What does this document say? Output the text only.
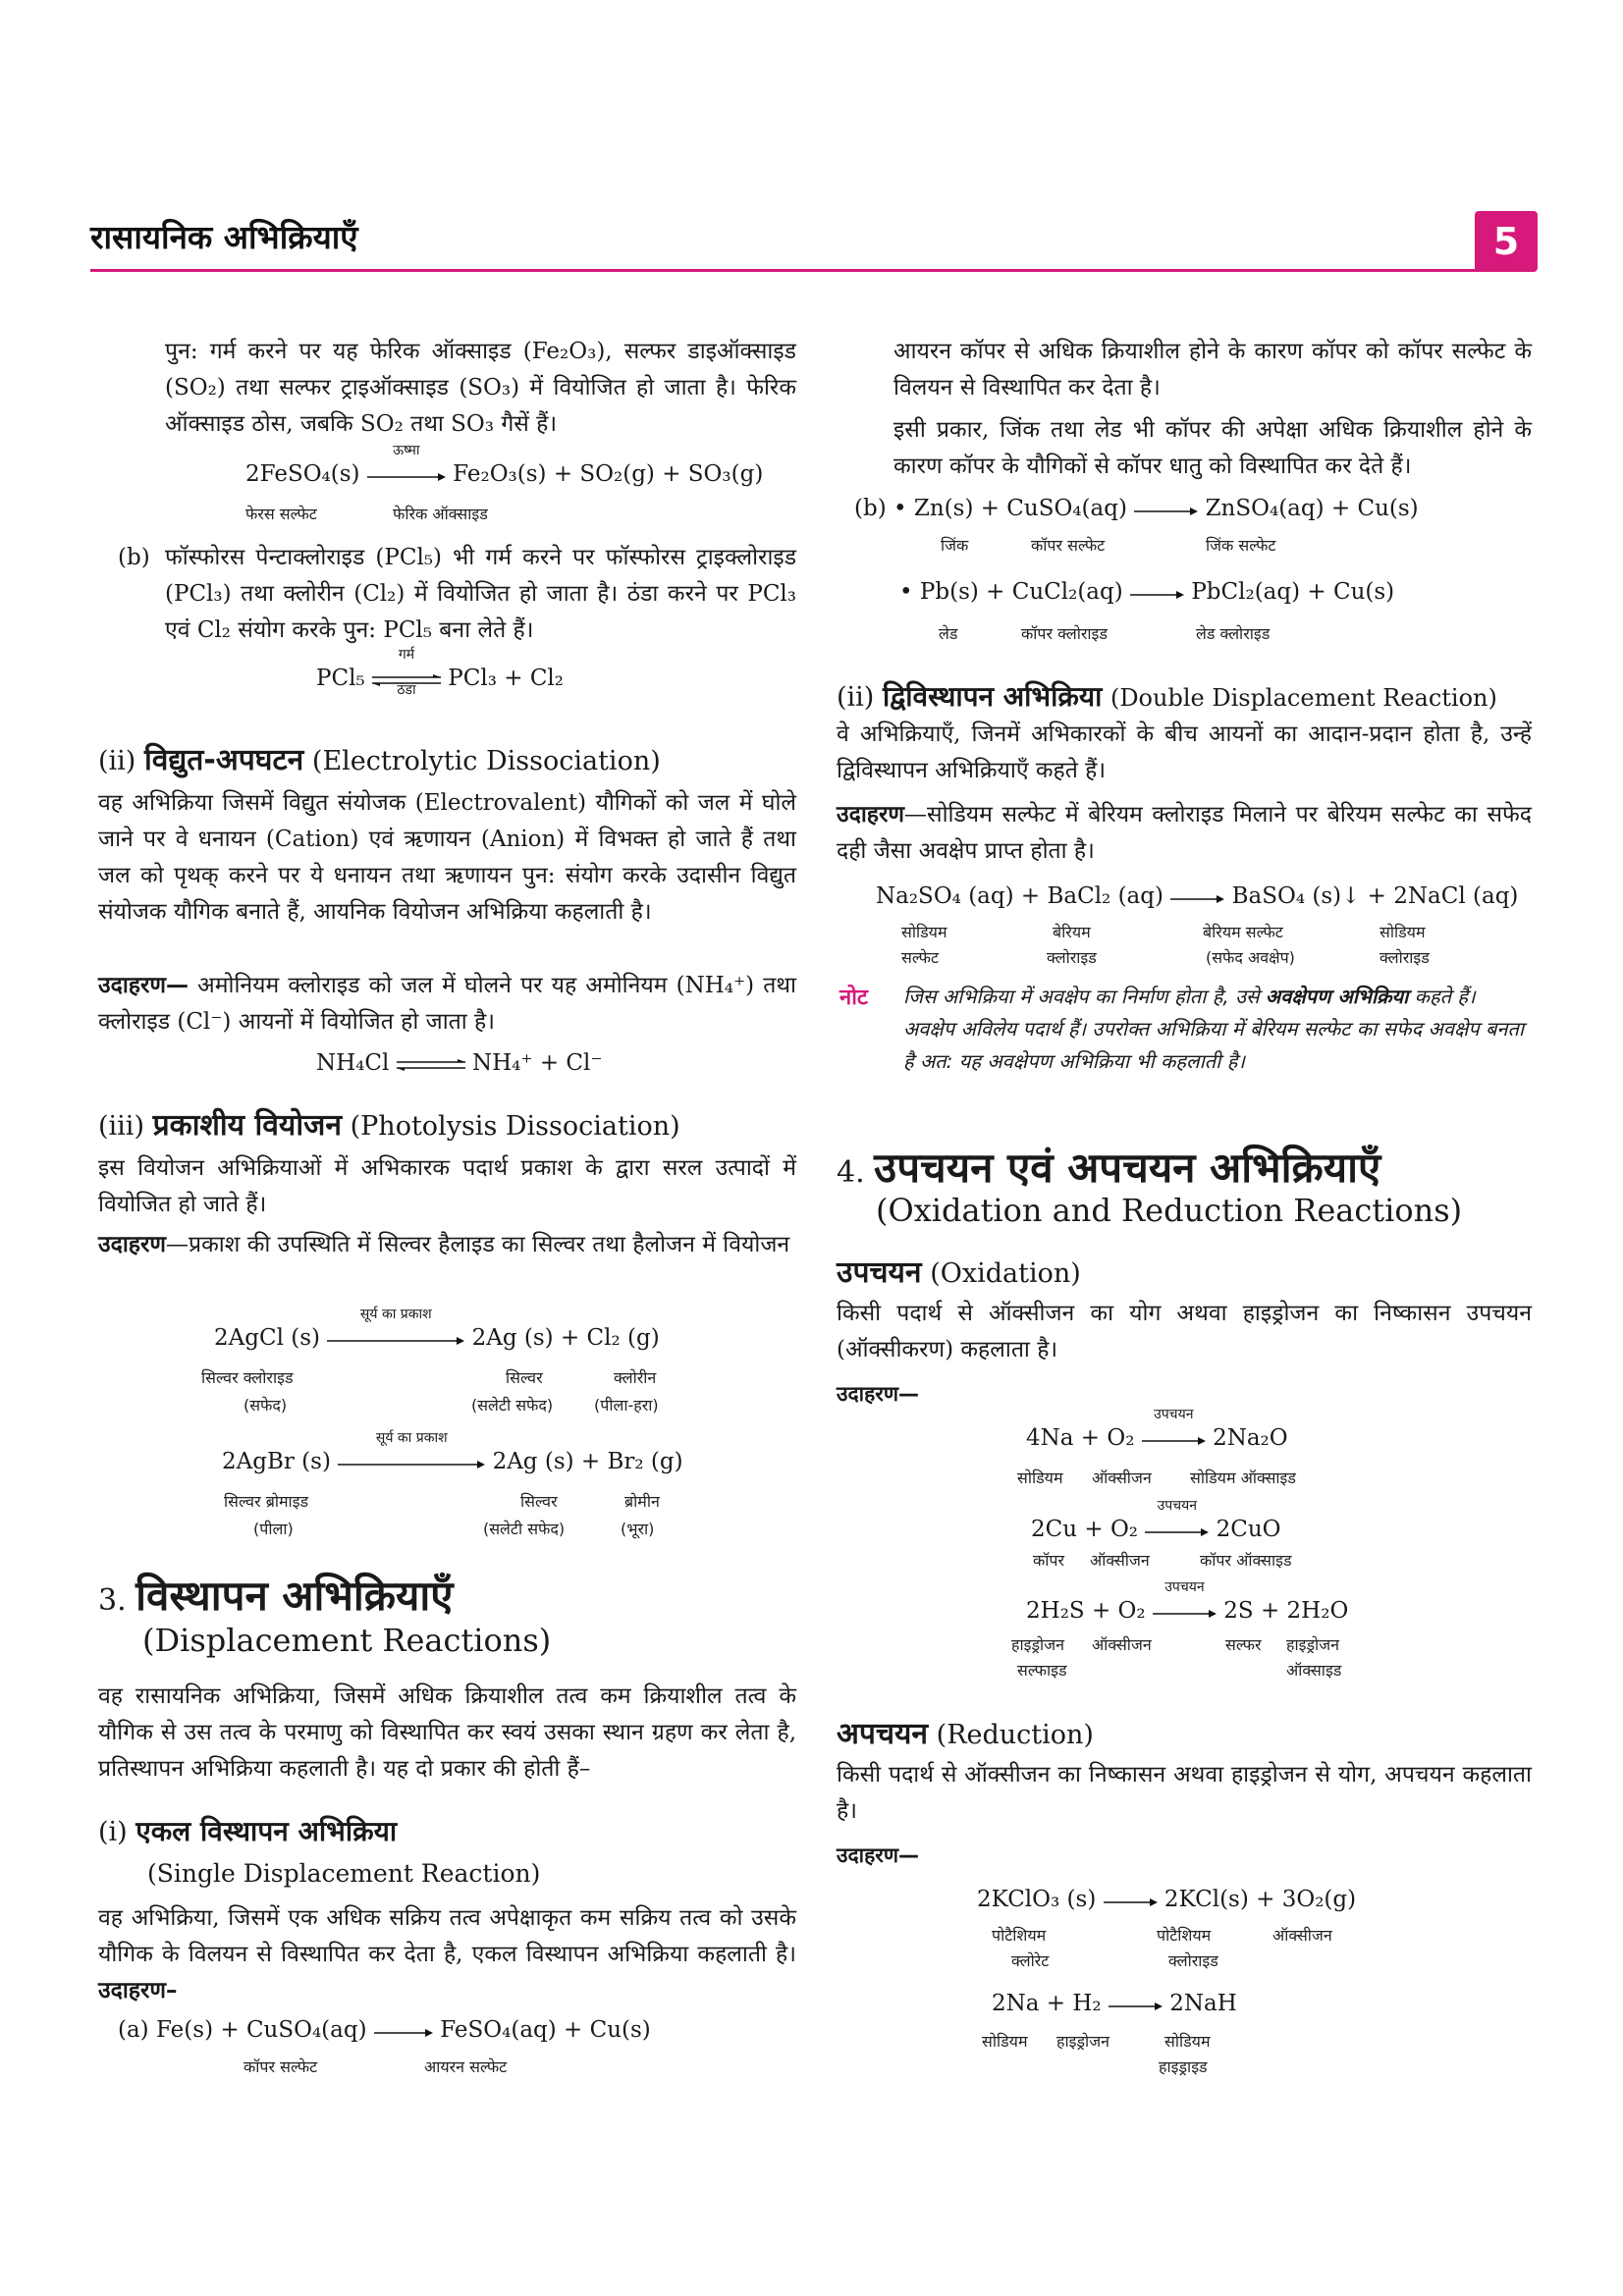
रासायनिक अभिक्रियाएँ	5
पुन: गर्म करने पर यह फेरिक ऑक्साइड (Fe₂O₃), सल्फर डाइऑक्साइड (SO₂) तथा सल्फर ट्राइऑक्साइड (SO₃) में वियोजित हो जाता है। फेरिक ऑक्साइड ठोस, जबकि SO₂ तथा SO₃ गैसें हैं।
2FeSO₄(s)
ऊष्मा
Fe₂O₃(s) + SO₂(g) + SO₃(g)
फेरस सल्फेट	फेरिक ऑक्साइड
(b) फॉस्फोरस पेन्टाक्लोराइड (PCl₅) भी गर्म करने पर फॉस्फोरस ट्राइक्लोराइड (PCl₃) तथा क्लोरीन (Cl₂) में वियोजित हो जाता है। ठंडा करने पर PCl₃ एवं Cl₂ संयोग करके पुन: PCl₅ बना लेते हैं।
PCl₅
गर्म
ठंडा	PCl₃ + Cl₂
(ii) विद्युत-अपघटन (Electrolytic Dissociation)
वह अभिक्रिया जिसमें विद्युत संयोजक (Electrovalent) यौगिकों को जल में घोले जाने पर वे धनायन (Cation) एवं ऋणायन (Anion) में विभक्त हो जाते हैं तथा जल को पृथक् करने पर ये धनायन तथा ऋणायन पुन: संयोग करके उदासीन विद्युत संयोजक यौगिक बनाते हैं, आयनिक वियोजन अभिक्रिया कहलाती है।
उदाहरण— अमोनियम क्लोराइड को जल में घोलने पर यह अमोनियम (NH₄⁺) तथा क्लोराइड (Cl⁻) आयनों में वियोजित हो जाता है।
NH₄Cl ⇌ NH₄⁺ + Cl⁻
(iii) प्रकाशीय वियोजन (Photolysis Dissociation)
इस वियोजन अभिक्रियाओं में अभिकारक पदार्थ प्रकाश के द्वारा सरल उत्पादों में वियोजित हो जाते हैं।
उदाहरण—प्रकाश की उपस्थिति में सिल्वर हैलाइड का सिल्वर तथा हैलोजन में वियोजन
2AgCl (s)
सूर्य का प्रकाश
2Ag (s) + Cl₂ (g)
सिल्वर क्लोराइड
(सफेद)
सिल्वर
(सलेटी सफेद)
क्लोरीन
(पीला-हरा)
2AgBr (s)
सूर्य का प्रकाश
2Ag (s) + Br₂ (g)
सिल्वर ब्रोमाइड
(पीला)
सिल्वर
(सलेटी सफेद)
ब्रोमीन
(भूरा)
3. विस्थापन अभिक्रियाएँ
(Displacement Reactions)
वह रासायनिक अभिक्रिया, जिसमें अधिक क्रियाशील तत्व कम क्रियाशील तत्व के यौगिक से उस तत्व के परमाणु को विस्थापित कर स्वयं उसका स्थान ग्रहण कर लेता है, प्रतिस्थापन अभिक्रिया कहलाती है। यह दो प्रकार की होती हैं–
(i) एकल विस्थापन अभिक्रिया
(Single Displacement Reaction)
वह अभिक्रिया, जिसमें एक अधिक सक्रिय तत्व अपेक्षाकृत कम सक्रिय तत्व को उसके यौगिक के विलयन से विस्थापित कर देता है, एकल विस्थापन अभिक्रिया कहलाती है। उदाहरण–
(a) Fe(s) + CuSO₄(aq) → FeSO₄(aq) + Cu(s)
कॉपर सल्फेट	आयरन सल्फेट
आयरन कॉपर से अधिक क्रियाशील होने के कारण कॉपर को कॉपर सल्फेट के विलयन से विस्थापित कर देता है।
इसी प्रकार, जिंक तथा लेड भी कॉपर की अपेक्षा अधिक क्रियाशील होने के कारण कॉपर के यौगिकों से कॉपर धातु को विस्थापित कर देते हैं।
(b) • Zn(s) + CuSO₄(aq) → ZnSO₄(aq) + Cu(s)
जिंक	कॉपर सल्फेट	जिंक सल्फेट
• Pb(s) + CuCl₂(aq) → PbCl₂(aq) + Cu(s)
लेड	कॉपर क्लोराइड	लेड क्लोराइड
(ii) द्विविस्थापन अभिक्रिया (Double Displacement Reaction)
वे अभिक्रियाएँ, जिनमें अभिकारकों के बीच आयनों का आदान-प्रदान होता है, उन्हें द्विविस्थापन अभिक्रियाएँ कहते हैं।
उदाहरण—सोडियम सल्फेट में बेरियम क्लोराइड मिलाने पर बेरियम सल्फेट का सफेद दही जैसा अवक्षेप प्राप्त होता है।
Na₂SO₄ (aq) + BaCl₂ (aq) → BaSO₄ (s)↓ + 2NaCl (aq)
सोडियम
सल्फेट
बेरियम
क्लोराइड
बेरियम सल्फेट
(सफेद अवक्षेप)
सोडियम
क्लोराइड
नोट जिस अभिक्रिया में अवक्षेप का निर्माण होता है, उसे अवक्षेपण अभिक्रिया कहते हैं। अवक्षेप अविलेय पदार्थ हैं। उपरोक्त अभिक्रिया में बेरियम सल्फेट का सफेद अवक्षेप बनता है अत: यह अवक्षेपण अभिक्रिया भी कहलाती है।
4. उपचयन एवं अपचयन अभिक्रियाएँ
(Oxidation and Reduction Reactions)
उपचयन (Oxidation)
किसी पदार्थ से ऑक्सीजन का योग अथवा हाइड्रोजन का निष्कासन उपचयन (ऑक्सीकरण) कहलाता है।
उदाहरण—
4Na + O₂
उपचयन
2Na₂O
सोडियम ऑक्सीजन सोडियम ऑक्साइड
2Cu + O₂
उपचयन
2CuO
कॉपर ऑक्सीजन	कॉपर ऑक्साइड
2H₂S + O₂
उपचयन
2S + 2H₂O
हाइड्रोजन
सल्फाइड
ऑक्सीजन	सल्फर हाइड्रोजन
ऑक्साइड
अपचयन (Reduction)
किसी पदार्थ से ऑक्सीजन का निष्कासन अथवा हाइड्रोजन से योग, अपचयन कहलाता है।
उदाहरण—
2KClO₃ (s) → 2KCl(s) + 3O₂(g)
पोटैशियम
क्लोरेट
पोटैशियम
क्लोराइड
ऑक्सीजन
2Na + H₂ → 2NaH
सोडियम हाइड्रोजन	सोडियम
हाइड्राइड
